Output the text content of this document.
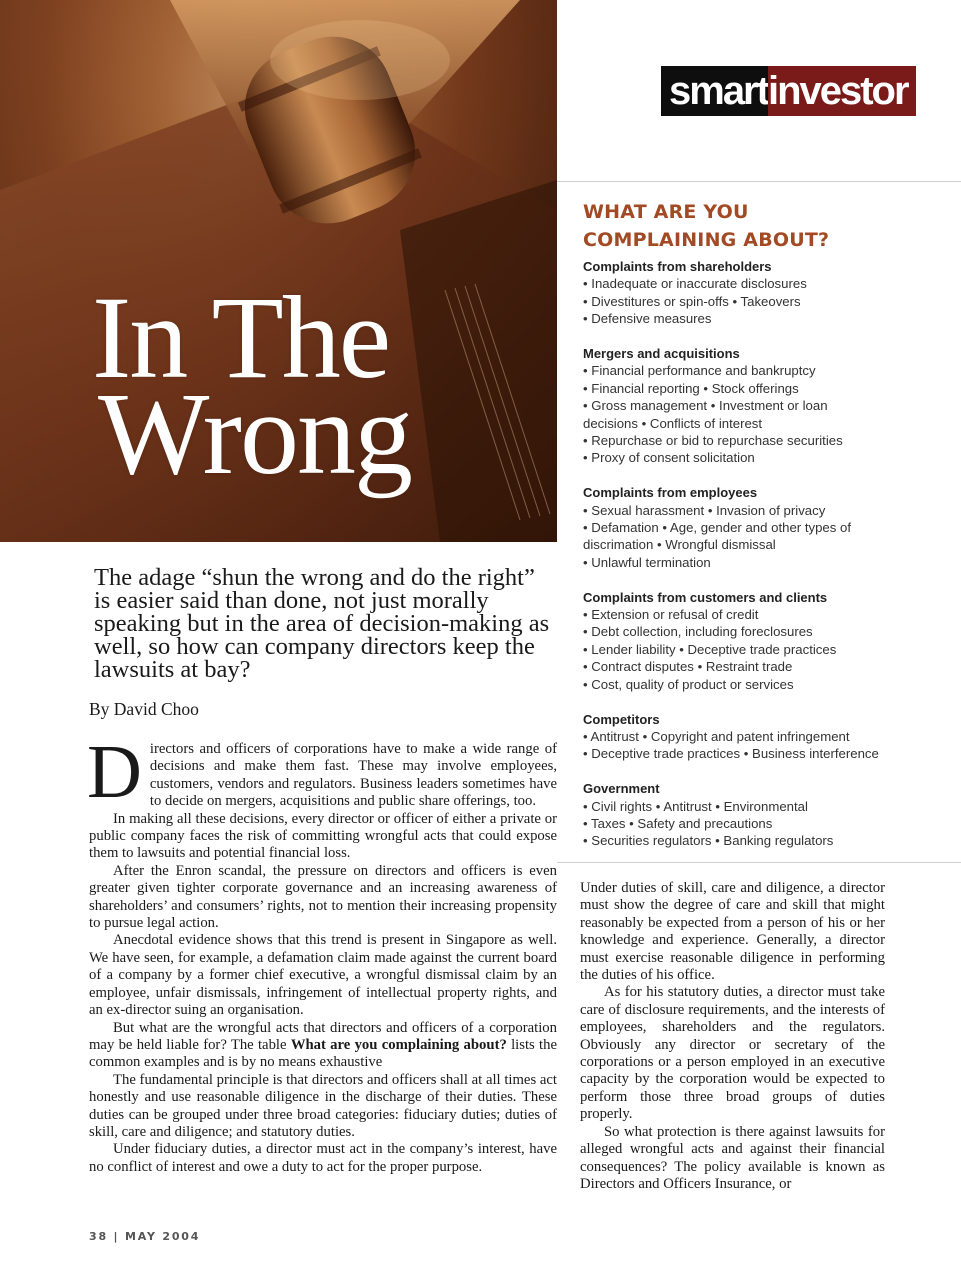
In The
Wrong
smart investor
WHAT ARE YOU
COMPLAINING ABOUT?
Complaints from shareholders
• Inadequate or inaccurate disclosures
• Divestitures or spin-offs • Takeovers
• Defensive measures
Mergers and acquisitions
• Financial performance and bankruptcy
• Financial reporting • Stock offerings
• Gross management • Investment or loan
decisions • Conflicts of interest
• Repurchase or bid to repurchase securities
• Proxy of consent solicitation
Complaints from employees
• Sexual harassment • Invasion of privacy
• Defamation • Age, gender and other types of
discrimation • Wrongful dismissal
• Unlawful termination
Complaints from customers and clients
• Extension or refusal of credit
• Debt collection, including foreclosures
• Lender liability • Deceptive trade practices
• Contract disputes • Restraint trade
• Cost, quality of product or services
Competitors
• Antitrust • Copyright and patent infringement
• Deceptive trade practices • Business interference
Government
• Civil rights • Antitrust • Environmental
• Taxes • Safety and precautions
• Securities regulators • Banking regulators

The adage “shun the wrong and do the right” is easier said than done, not just morally speaking but in the area of decision-making as well, so how can company directors keep the lawsuits at bay?

By David Choo

Directors and officers of corporations have to make a wide range of decisions and make them fast. These may involve employees, customers, vendors and regulators. Business leaders sometimes have to decide on mergers, acquisitions and public share offerings, too.

In making all these decisions, every director or officer of either a private or public company faces the risk of committing wrongful acts that could expose them to lawsuits and potential financial loss.

After the Enron scandal, the pressure on directors and officers is even greater given tighter corporate governance and an increasing awareness of shareholders’ and consumers’ rights, not to mention their increasing propensity to pursue legal action.

Anecdotal evidence shows that this trend is present in Singapore as well. We have seen, for example, a defamation claim made against the current board of a company by a former chief executive, a wrongful dismissal claim by an employee, unfair dismissals, infringement of intellectual property rights, and an ex-director suing an organisation.

But what are the wrongful acts that directors and officers of a corporation may be held liable for? The table What are you complaining about? lists the common examples and is by no means exhaustive

The fundamental principle is that directors and officers shall at all times act honestly and use reasonable diligence in the discharge of their duties. These duties can be grouped under three broad categories: fiduciary duties; duties of skill, care and diligence; and statutory duties.

Under fiduciary duties, a director must act in the company’s interest, have no conflict of interest and owe a duty to act for the proper purpose.

Under duties of skill, care and diligence, a director must show the degree of care and skill that might reasonably be expected from a person of his or her knowledge and experience. Generally, a director must exercise reasonable diligence in performing the duties of his office.

As for his statutory duties, a director must take care of disclosure requirements, and the interests of employees, shareholders and the regulators. Obviously any director or secretary of the corporations or a person employed in an executive capacity by the corporation would be expected to perform those three broad groups of duties properly.

So what protection is there against lawsuits for alleged wrongful acts and against their financial consequences? The policy available is known as Directors and Officers Insurance, or

38 | MAY 2004
